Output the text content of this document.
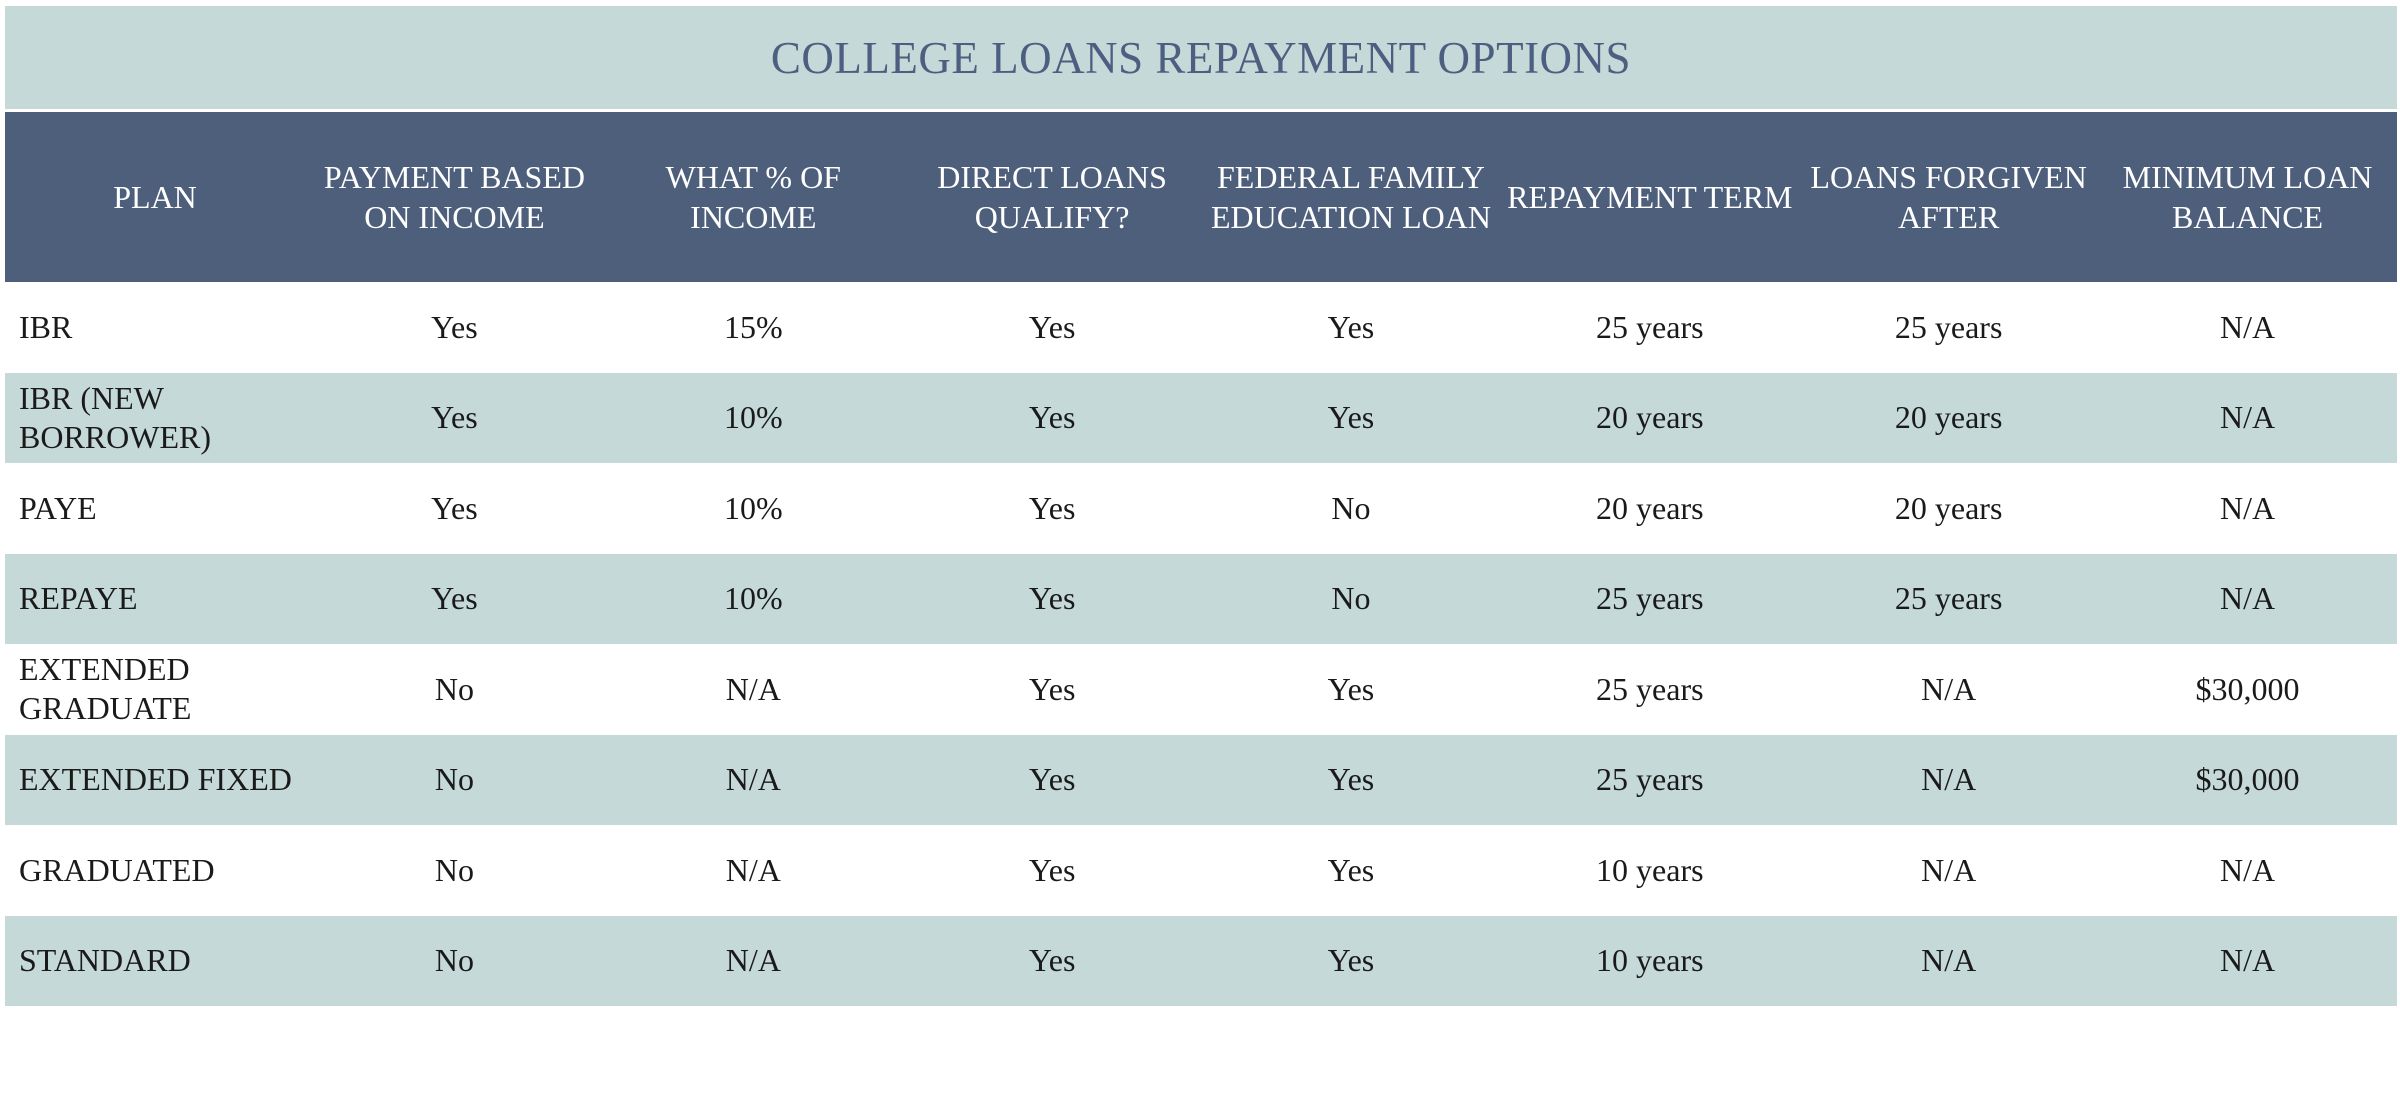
COLLEGE LOANS REPAYMENT OPTIONS
PLAN	PAYMENT BASED ON INCOME	WHAT % OF INCOME	DIRECT LOANS QUALIFY?	FEDERAL FAMILY EDUCATION LOAN	REPAYMENT TERM	LOANS FORGIVEN AFTER	MINIMUM LOAN BALANCE
IBR	Yes	15%	Yes	Yes	25 years	25 years	N/A
IBR (NEW BORROWER)	Yes	10%	Yes	Yes	20 years	20 years	N/A
PAYE	Yes	10%	Yes	No	20 years	20 years	N/A
REPAYE	Yes	10%	Yes	No	25 years	25 years	N/A
EXTENDED GRADUATE	No	N/A	Yes	Yes	25 years	N/A	$30,000
EXTENDED FIXED	No	N/A	Yes	Yes	25 years	N/A	$30,000
GRADUATED	No	N/A	Yes	Yes	10 years	N/A	N/A
STANDARD	No	N/A	Yes	Yes	10 years	N/A	N/A
